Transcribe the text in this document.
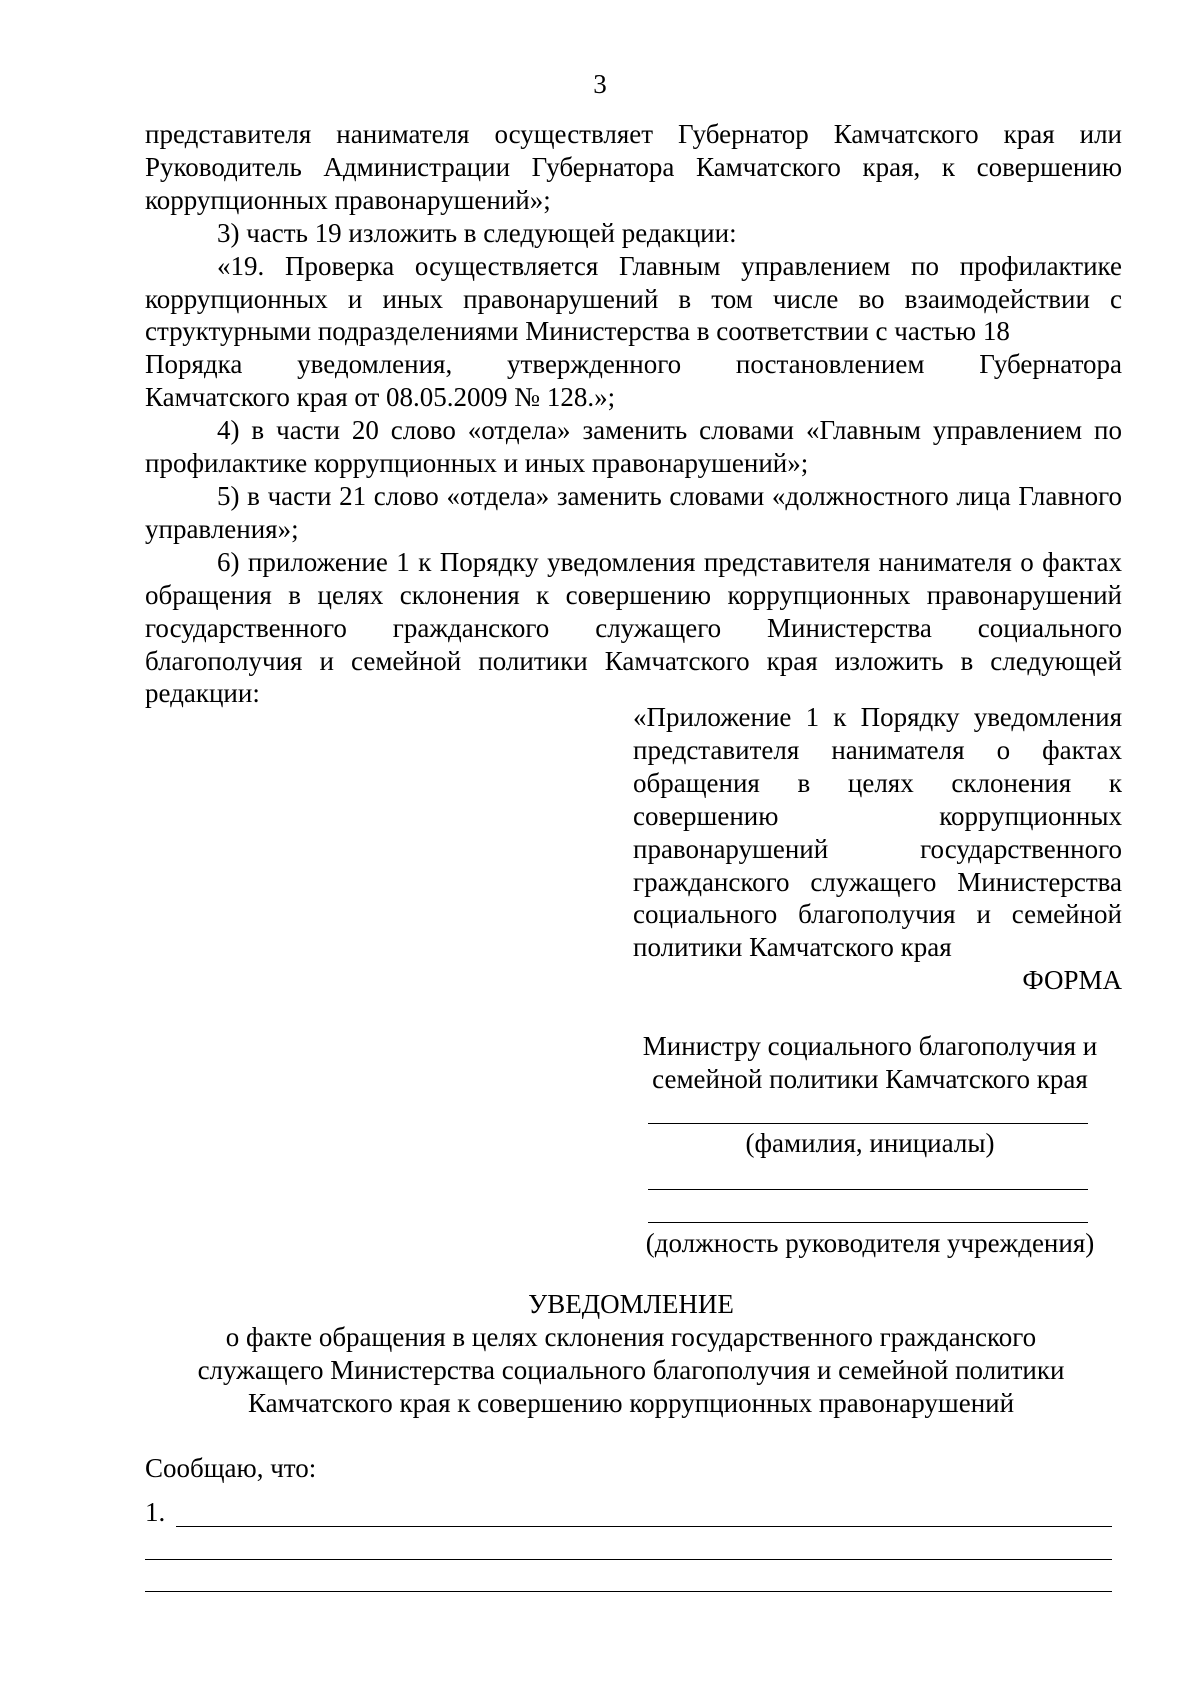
3

представителя нанимателя осуществляет Губернатор Камчатского края или Руководитель Администрации Губернатора Камчатского края, к совершению коррупционных правонарушений»;

3) часть 19 изложить в следующей редакции:

«19. Проверка осуществляется Главным управлением по профилактике коррупционных и иных правонарушений в том числе во взаимодействии с структурными подразделениями Министерства в соответствии с частью 18

Порядка уведомления, утвержденного постановлением Губернатора

Камчатского края от 08.05.2009 № 128.»;

4) в части 20 слово «отдела» заменить словами «Главным управлением по профилактике коррупционных и иных правонарушений»;

5) в части 21 слово «отдела» заменить словами «должностного лица Главного управления»;

6) приложение 1 к Порядку уведомления представителя нанимателя о фактах обращения в целях склонения к совершению коррупционных правонарушений государственного гражданского служащего Министерства социального благополучия и семейной политики Камчатского края изложить в следующей редакции:

«Приложение 1 к Порядку уведомления представителя нанимателя о фактах обращения в целях склонения к совершению коррупционных правонарушений государственного гражданского служащего Министерства социального благополучия и семейной политики Камчатского края

ФОРМА
Министру социального благополучия и
семейной политики Камчатского края
(фамилия, инициалы)
(должность руководителя учреждения)
УВЕДОМЛЕНИЕ
о факте обращения в целях склонения государственного гражданского
служащего Министерства социального благополучия и семейной политики
Камчатского края к совершению коррупционных правонарушений
Сообщаю, что:
1.
